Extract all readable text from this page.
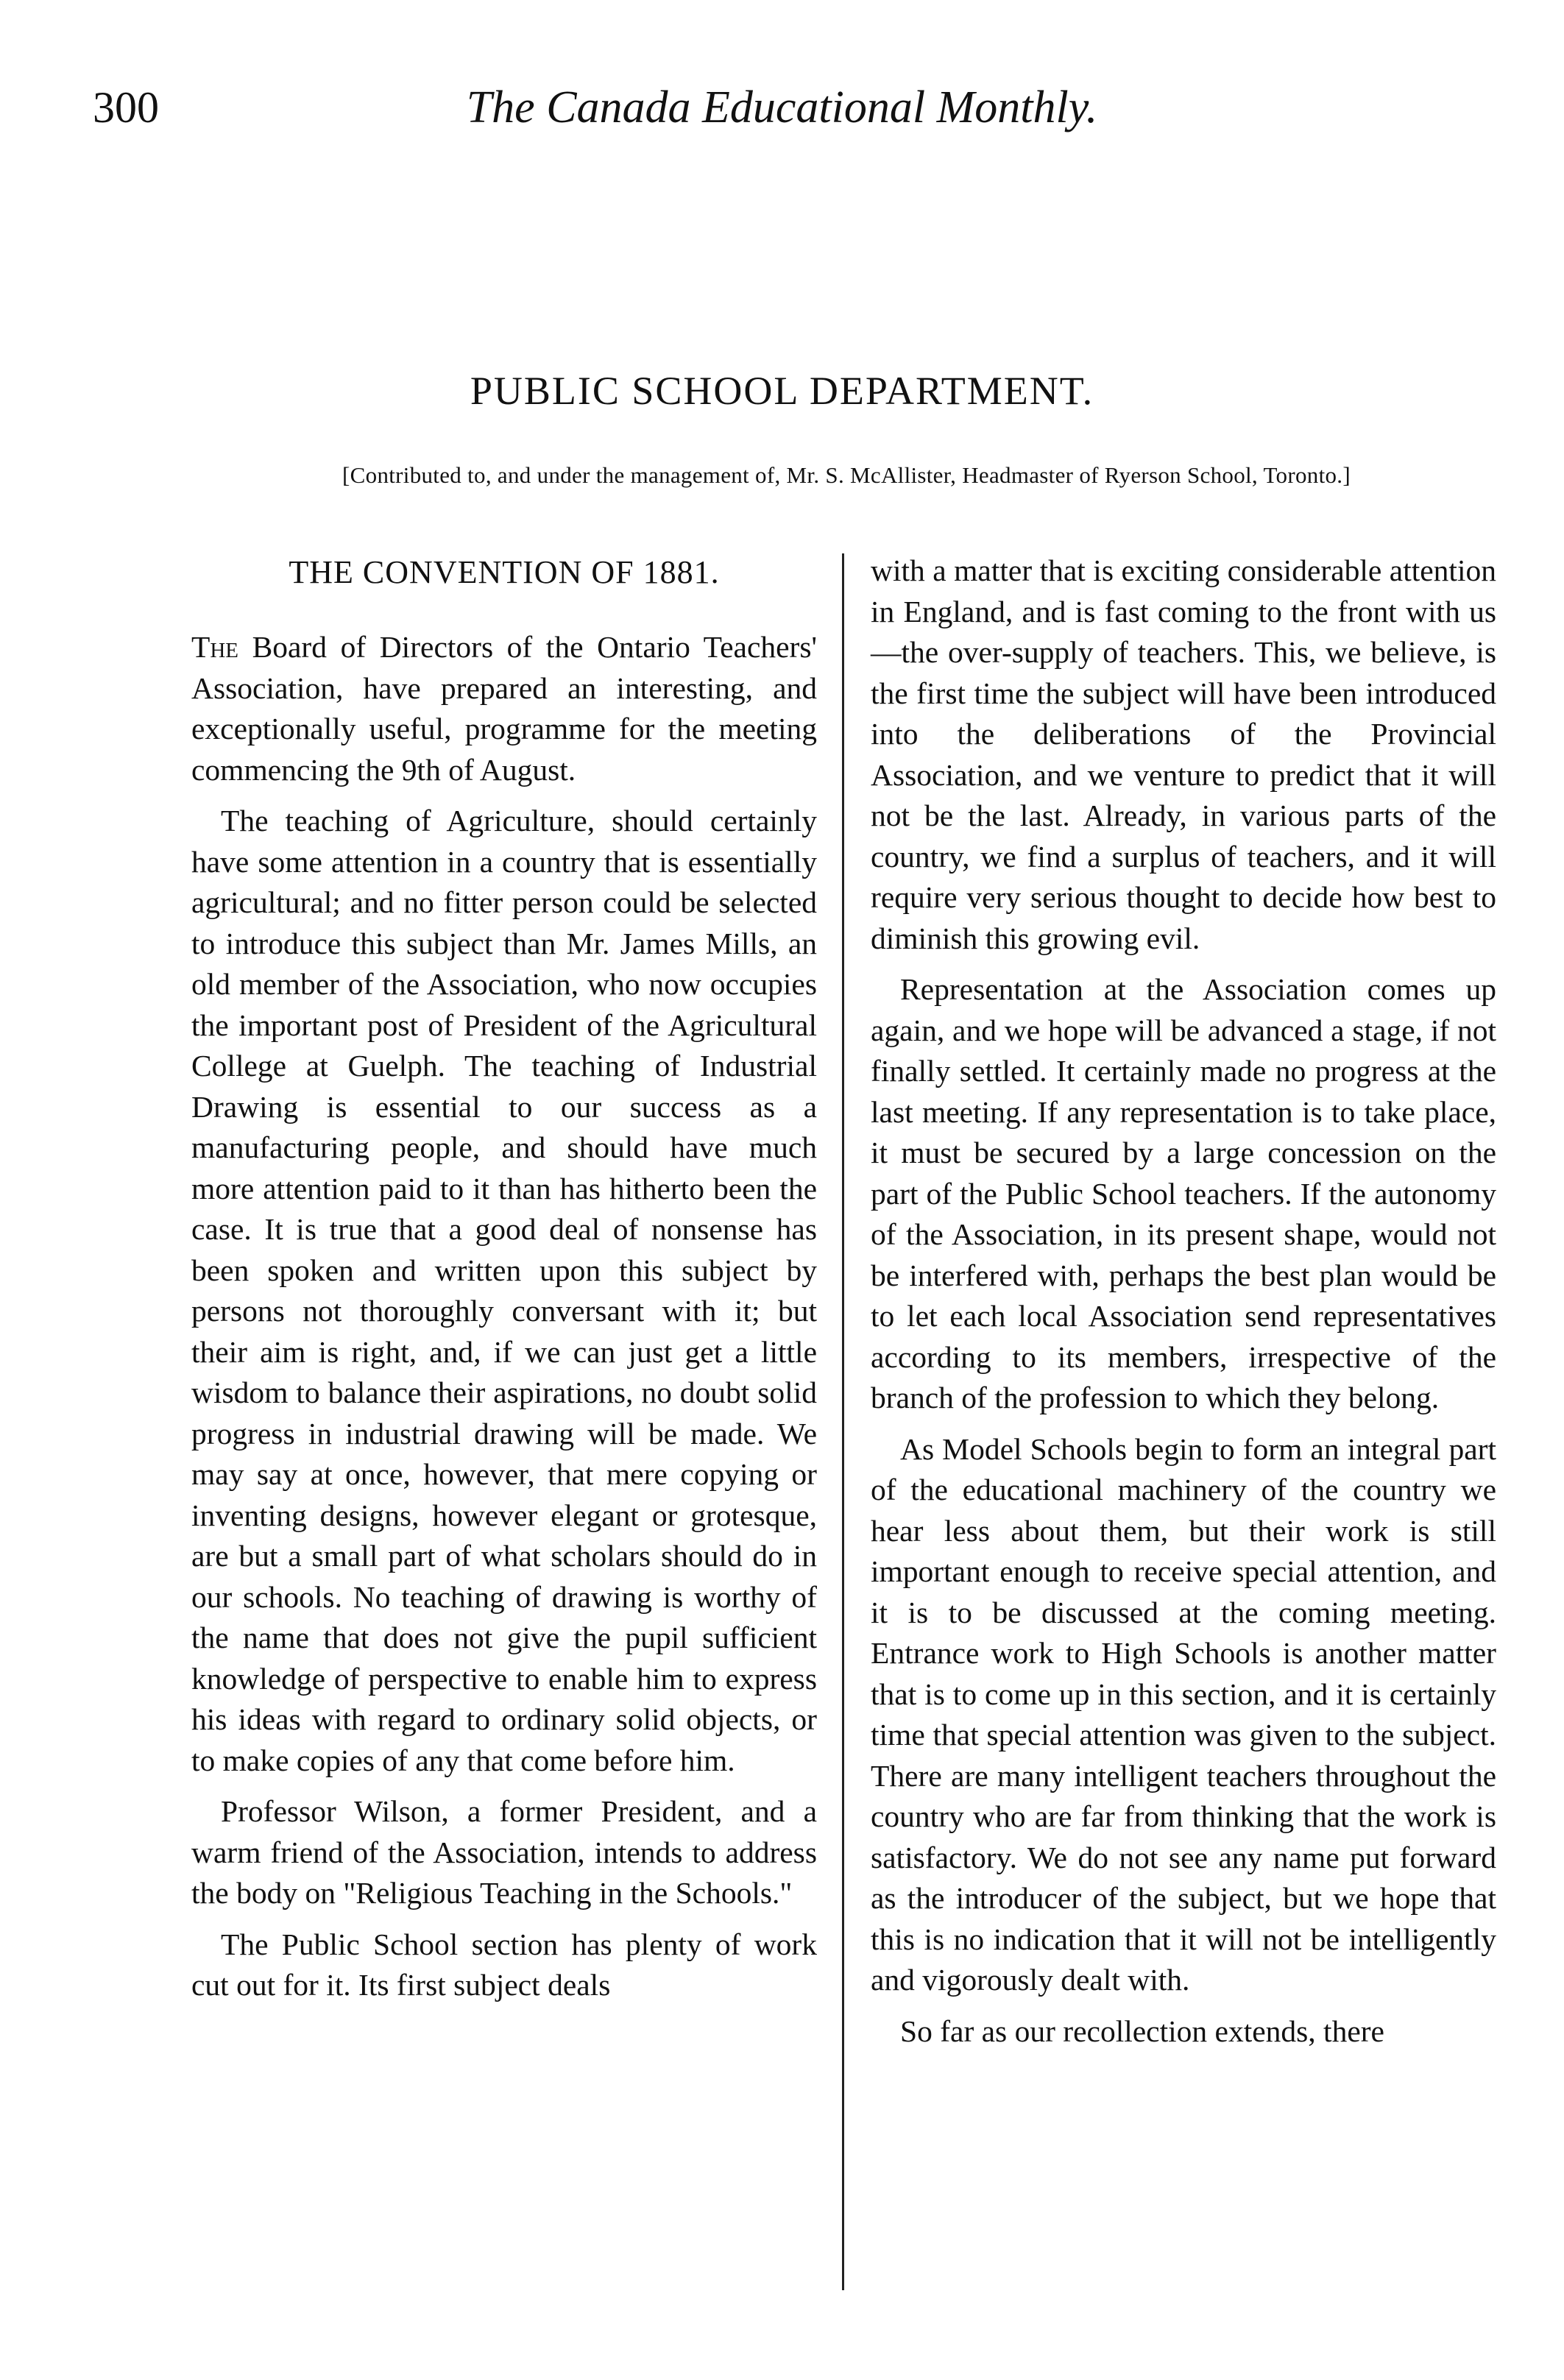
300	The Canada Educational Monthly.
PUBLIC SCHOOL DEPARTMENT.
[Contributed to, and under the management of, Mr. S. McAllister, Headmaster of Ryerson School, Toronto.]
THE CONVENTION OF 1881.

The Board of Directors of the Ontario Teachers' Association, have prepared an interesting, and exceptionally useful, programme for the meeting commencing the 9th of August.

The teaching of Agriculture, should certainly have some attention in a country that is essentially agricultural; and no fitter person could be selected to introduce this subject than Mr. James Mills, an old member of the Association, who now occupies the important post of President of the Agricultural College at Guelph. The teaching of Industrial Drawing is essential to our success as a manufacturing people, and should have much more attention paid to it than has hitherto been the case. It is true that a good deal of nonsense has been spoken and written upon this subject by persons not thoroughly conversant with it; but their aim is right, and, if we can just get a little wisdom to balance their aspirations, no doubt solid progress in industrial drawing will be made. We may say at once, however, that mere copying or inventing designs, however elegant or grotesque, are but a small part of what scholars should do in our schools. No teaching of drawing is worthy of the name that does not give the pupil sufficient knowledge of perspective to enable him to express his ideas with regard to ordinary solid objects, or to make copies of any that come before him.

Professor Wilson, a former President, and a warm friend of the Association, intends to address the body on "Religious Teaching in the Schools."

The Public School section has plenty of work cut out for it. Its first subject deals

with a matter that is exciting considerable attention in England, and is fast coming to the front with us—the over-supply of teachers. This, we believe, is the first time the subject will have been introduced into the deliberations of the Provincial Association, and we venture to predict that it will not be the last. Already, in various parts of the country, we find a surplus of teachers, and it will require very serious thought to decide how best to diminish this growing evil.

Representation at the Association comes up again, and we hope will be advanced a stage, if not finally settled. It certainly made no progress at the last meeting. If any representation is to take place, it must be secured by a large concession on the part of the Public School teachers. If the autonomy of the Association, in its present shape, would not be interfered with, perhaps the best plan would be to let each local Association send representatives according to its members, irrespective of the branch of the profession to which they belong.

As Model Schools begin to form an integral part of the educational machinery of the country we hear less about them, but their work is still important enough to receive special attention, and it is to be discussed at the coming meeting. Entrance work to High Schools is another matter that is to come up in this section, and it is certainly time that special attention was given to the subject. There are many intelligent teachers throughout the country who are far from thinking that the work is satisfactory. We do not see any name put forward as the introducer of the subject, but we hope that this is no indication that it will not be intelligently and vigorously dealt with.

So far as our recollection extends, there
